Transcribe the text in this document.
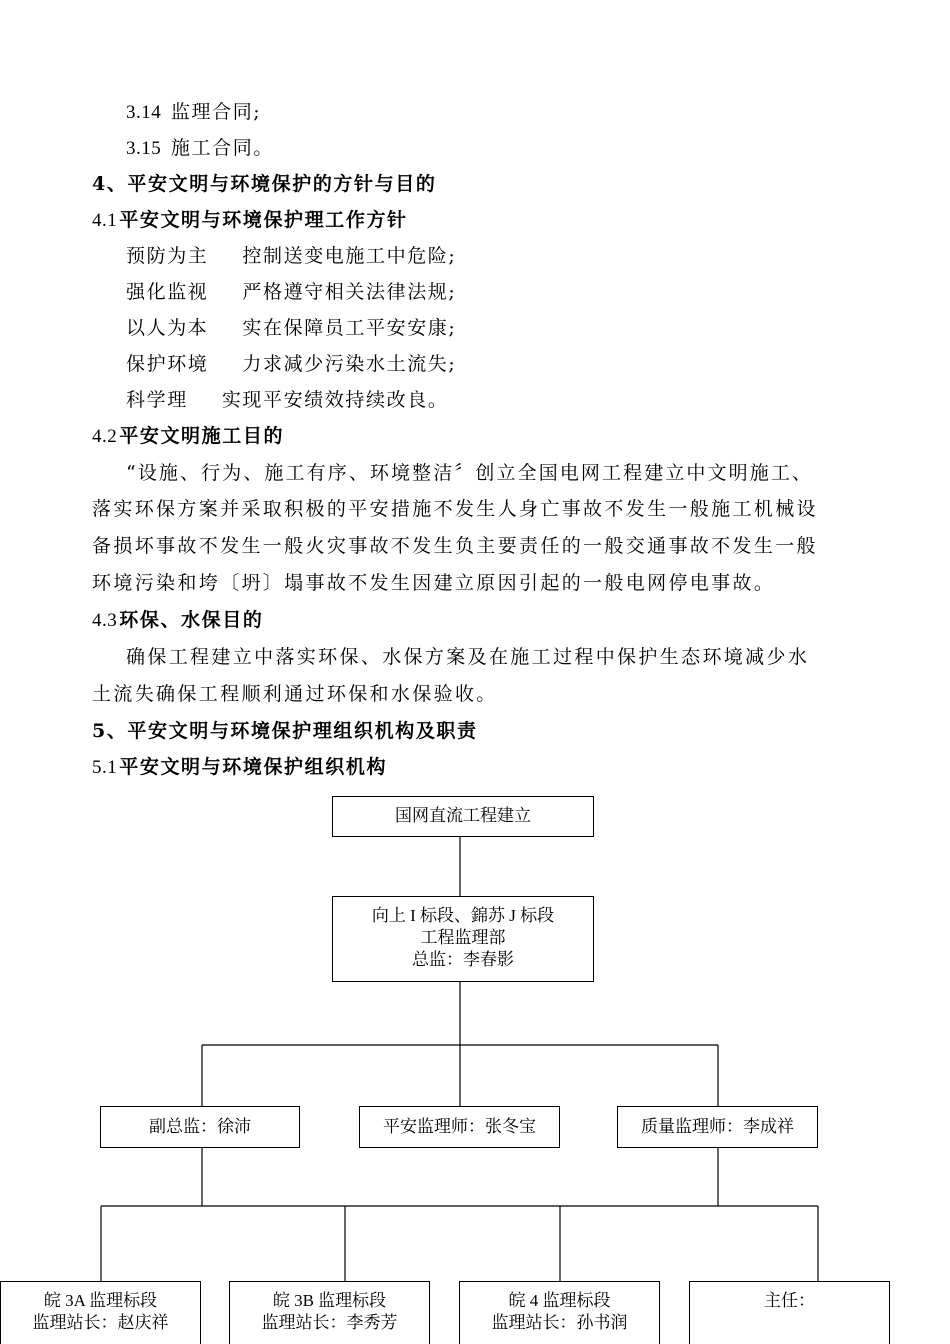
3.14 监理合同;
3.15 施工合同。
4、平安文明与环境保护的方针与目的
4.1 平安文明与环境保护理工作方针
预防为主 控制送变电施工中危险;
强化监视 严格遵守相关法律法规;
以人为本 实在保障员工平安安康;
保护环境 力求减少污染水土流失;
科学理 实现平安绩效持续改良。
4.2 平安文明施工目的
“设施、行为、施工有序、环境整洁〞创立全国电网工程建立中文明施工、
落实环保方案并采取积极的平安措施不发生人身亡事故不发生一般施工机械设
备损坏事故不发生一般火灾事故不发生负主要责任的一般交通事故不发生一般
环境污染和垮〔坍〕塌事故不发生因建立原因引起的一般电网停电事故。
4.3 环保、水保目的
确保工程建立中落实环保、水保方案及在施工过程中保护生态环境减少水
土流失确保工程顺利通过环保和水保验收。
5、平安文明与环境保护理组织机构及职责
5.1 平安文明与环境保护组织机构
国网直流工程建立
向上 I 标段、錦苏 J 标段
工程监理部
总监：李春影
副总监：徐沛	平安监理师：张冬宝	质量监理师：李成祥
皖 3A 监理标段
监理站长：赵庆祥
皖 3B 监理标段
监理站长：李秀芳
皖 4 监理标段
监理站长：孙书润
主任：
